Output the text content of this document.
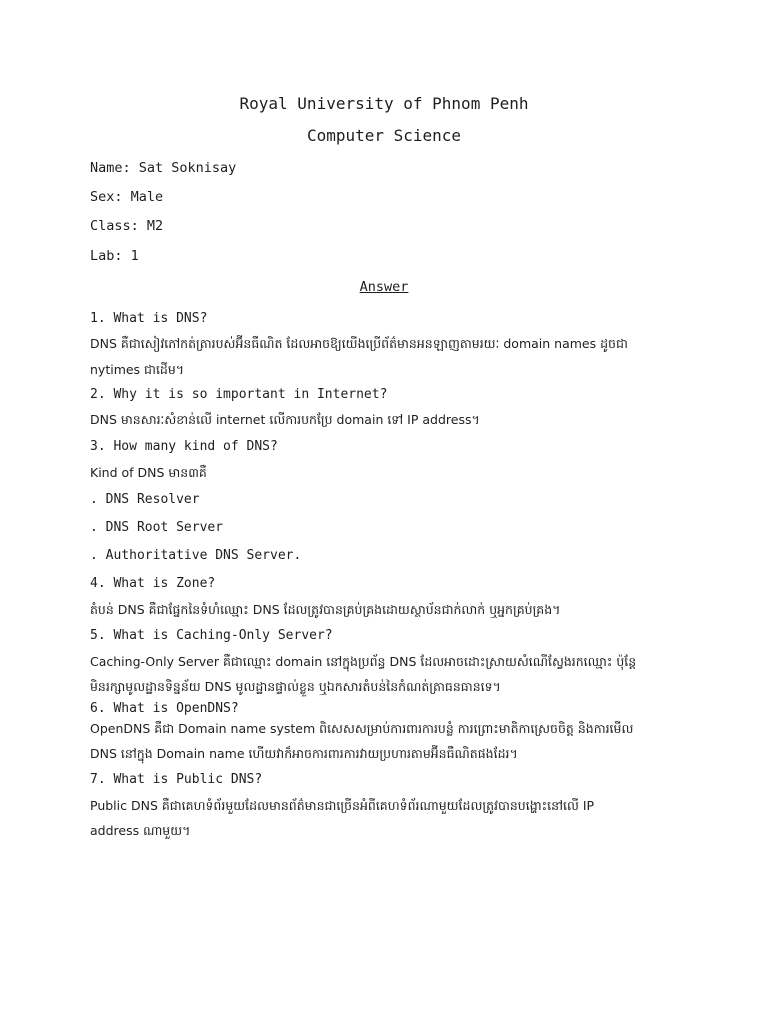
Royal University of Phnom Penh
Computer Science
Name: Sat Soknisay
Sex: Male
Class: M2
Lab: 1
Answer
1. What is DNS?
DNS គឺជាសៀវភៅកត់ត្រារបស់អ៊ីនធឺណិត ដែលអាចឱ្យយើងប្រើព័ត៌មានអនឡាញតាមរយៈ domain names ដូចជា
nytimes ជាដើម។
2. Why it is so important in Internet?
DNS មានសារៈសំខាន់លើ internet លើការបកប្រែ domain ទៅ IP address។
3. How many kind of DNS?
Kind of DNS មាន៣គឺ
. DNS Resolver
. DNS Root Server
. Authoritative DNS Server.
4. What is Zone?
តំបន់ DNS គឺជាផ្នែកនៃទំហំឈ្មោះ DNS ដែលត្រូវបានគ្រប់គ្រងដោយស្ថាប័នជាក់លាក់ ឬអ្នកគ្រប់គ្រង។
5. What is Caching-Only Server?
Caching-Only Server គឺជាឈ្មោះ domain នៅក្នុងប្រព័ន្ធ DNS ដែលអាចដោះស្រាយសំណើស្វែងរកឈ្មោះ ប៉ុន្តែ
មិនរក្សាមូលដ្ឋានទិន្នន័យ DNS មូលដ្ឋានផ្ទាល់ខ្លួន ឬឯកសារតំបន់នៃកំណត់ត្រាធនធានទេ។
6. What is OpenDNS?
OpenDNS គឺជា Domain name system ពិសេសសម្រាប់ការពារការបន្លំ ការព្រោះមាតិកាស្រេចចិត្ត និងការមើល
DNS នៅក្នុង Domain name ហើយវាក៏អាចការពារការវាយប្រហារតាមអ៊ីនធឺណិតផងដែរ។
7. What is Public DNS?
Public DNS គឺជាគេហទំព័រមួយដែលមានព័ត៌មានជាច្រើនអំពីគេហទំព័រណាមួយដែលត្រូវបានបង្ហោះនៅលើ IP
address ណាមួយ។
